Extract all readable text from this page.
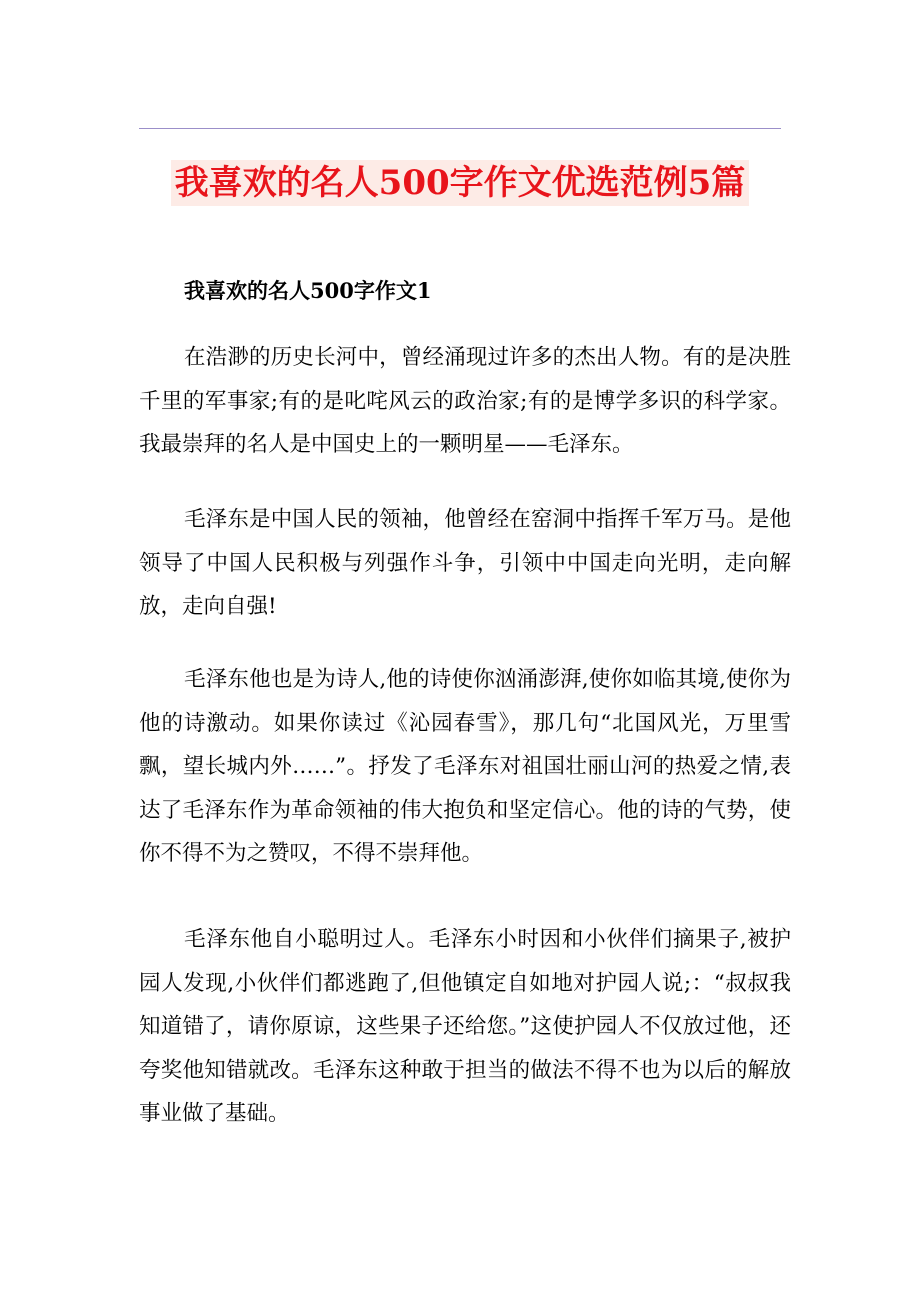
我喜欢的名人500字作文优选范例5篇
我喜欢的名人500字作文1

在浩渺的历史长河中，曾经涌现过许多的杰出人物。有的是决胜千里的军事家;有的是叱咤风云的政治家;有的是博学多识的科学家。我最崇拜的名人是中国史上的一颗明星——毛泽东。

毛泽东是中国人民的领袖，他曾经在窑洞中指挥千军万马。是他领导了中国人民积极与列强作斗争，引领中中国走向光明，走向解放，走向自强!

毛泽东他也是为诗人,他的诗使你汹涌澎湃,使你如临其境,使你为他的诗激动。如果你读过《沁园春雪》，那几句“北国风光，万里雪飘，望长城内外……”。抒发了毛泽东对祖国壮丽山河的热爱之情,表达了毛泽东作为革命领袖的伟大抱负和坚定信心。他的诗的气势，使你不得不为之赞叹，不得不崇拜他。

毛泽东他自小聪明过人。毛泽东小时因和小伙伴们摘果子,被护园人发现,小伙伴们都逃跑了,但他镇定自如地对护园人说;：“叔叔我知道错了，请你原谅，这些果子还给您。”这使护园人不仅放过他，还夸奖他知错就改。毛泽东这种敢于担当的做法不得不也为以后的解放事业做了基础。
